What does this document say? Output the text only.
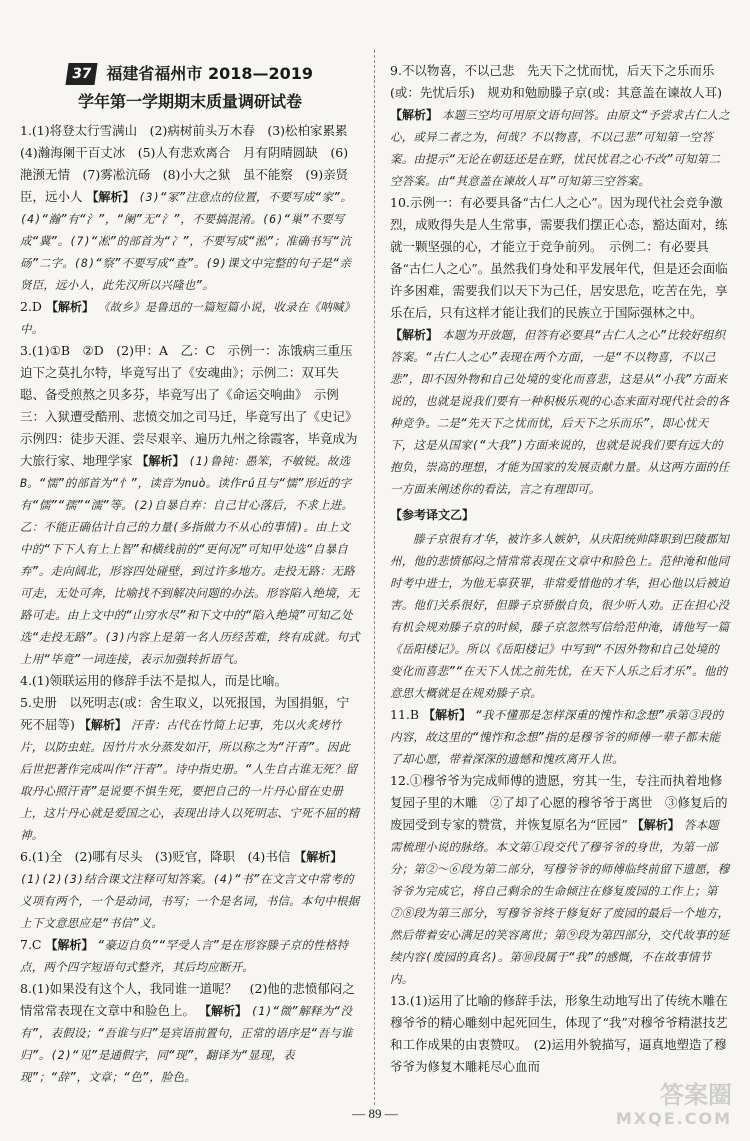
37 福建省福州市 2018—2019
学年第一学期期末质量调研试卷
1.(1)将登太行雪满山　(2)病树前头万木春　(3)松柏家累累　(4)瀚海阑干百丈冰　(5)人有悲欢离合　月有阴晴圆缺　(6)滟滪无情　(7)雾凇沆砀　(8)小大之狱　虽不能察　(9)亲贤臣，远小人 【解析】 (3)“冢”注意点的位置，不要写成“家”。(4)“瀚”有“氵”，“阑”无“氵”，不要搞混淆。(6)“巢”不要写成“冀”。(7)“凇”的部首为“冫”，不要写成“淞”；准确书写“沆砀”二字。(8)“察”不要写成“查”。(9)课文中完整的句子是“亲贤臣，远小人，此先汉所以兴隆也”。
2.D 【解析】 《故乡》是鲁迅的一篇短篇小说，收录在《呐喊》中。
3.(1)①B　②D　(2)甲：A　乙：C　示例一：冻饿病三重压迫下之莫扎尔特，毕竟写出了《安魂曲》；示例二：双耳失聪、备受煎熬之贝多芬，毕竟写出了《命运交响曲》　示例三：入狱遭受酷刑、悲愤交加之司马迁，毕竟写出了《史记》　示例四：徒步天涯、尝尽艰辛、遍历九州之徐霞客，毕竟成为大旅行家、地理学家 【解析】 (1)鲁钝：愚笨，不敏锐。故选B。“懦”的部首为“忄”，读音为nuò。读作rú且与“懦”形近的字有“儒”“孺”“濡”等。(2)自暴自弃：自己甘心落后，不求上进。乙：不能正确估计自己的力量(多指做力不从心的事情)。由上文中的“下下人有上上智”和横线前的“更何况”可知甲处选“自暴自弃”。走向阔北，形容四处碰壁，到过许多地方。走投无路：无路可走，无处可奔，比喻找不到解决问题的办法。形容陷入绝境，无路可走。由上文中的“山穷水尽”和下文中的“陷入绝境”可知乙处选“走投无路”。(3)内容上是第一名人历经苦难，终有成就。句式上用“毕竟”一词连接，表示加强转折语气。
4.(1)领联运用的修辞手法不是拟人，而是比喻。
5.史册　以死明志(或：舍生取义，以死报国，为国捐躯，宁死不屈等) 【解析】 汗青：古代在竹简上记事，先以火炙烤竹片，以防虫蛀。因竹片水分蒸发如汗，所以称之为“汗青”。因此后世把著作完成叫作“汗青”。诗中指史册。“人生自古谁无死？留取丹心照汗青”是说要不惧生死，要把自己的一片丹心留在史册上，这片丹心就是爱国之心，表现出诗人以死明志、宁死不屈的精神。
6.(1)全　(2)哪有尽头　(3)贬官，降职　(4)书信 【解析】 (1)(2)(3)结合课文注释可知答案。(4)“书”在文言文中常考的义项有两个，一个是动词，书写；一个是名词，书信。本句中根据上下文意思应是“书信”义。
7.C 【解析】 “豪迈自负”“罕受人言”是在形容滕子京的性格特点，两个四字短语句式整齐，其后均应断开。
8.(1)如果没有这个人，我同谁一道呢？　(2)他的悲愤郁闷之情常常表现在文章中和脸色上。 【解析】 (1)“微”解释为“没有”，表假设；“吾谁与归”是宾语前置句，正常的语序是“吾与谁归”。(2)“见”是通假字，同“现”，翻译为“显现，表现”；“辞”，文章；“色”，脸色。
9.不以物喜，不以己悲　先天下之忧而忧，后天下之乐而乐(或：先忧后乐)　规劝和勉励滕子京(或：其意盖在谏故人耳) 【解析】 本题三空均可用原文语句回答。由原文“予尝求古仁人之心，或异二者之为，何哉？不以物喜，不以己悲”可知第一空答案。由提示“无论在朝廷还是在野，忧民忧君之心不改”可知第二空答案。由“其意盖在谏故人耳”可知第三空答案。
10.示例一：有必要具备“古仁人之心”。因为现代社会竞争激烈，成败得失是人生常事，需要我们摆正心态，豁达面对，练就一颗坚强的心，才能立于竞争前列。　示例二：有必要具备“古仁人之心”。虽然我们身处和平发展年代，但是还会面临许多困难，需要我们以天下为己任，居安思危，吃苦在先，享乐在后，只有这样才能让我们的民族立于国际强林之中。 【解析】 本题为开放题，但答有必要具“古仁人之心”比较好组织答案。“古仁人之心”表现在两个方面，一是“不以物喜，不以己悲”，即不因外物和自己处境的变化而喜悲，这是从“小我”方面来说的，也就是说我们要有一种积极乐观的心态来面对现代社会的各种竞争。二是“先天下之忧而忧，后天下之乐而乐”，即心忧天下，这是从国家(“大我”)方面来说的，也就是说我们要有远大的抱负，崇高的理想，才能为国家的发展贡献力量。从这两方面的任一方面来阐述你的看法，言之有理即可。
【参考译文乙】
滕子京很有才华，被许多人嫉妒，从庆阳统帅降职到巴陵郡知州，他的悲愤郁闷之情常常表现在文章中和脸色上。范仲淹和他同时考中进士，为他无辜获罪，非常爱惜他的才华，担心他以后被迫害。他们关系很好，但滕子京骄傲自负，很少听人劝。正在担心没有机会规劝滕子京的时候，滕子京忽然写信给范仲淹，请他写一篇《岳阳楼记》。所以《岳阳楼记》中写到“不因外物和自己处境的变化而喜悲”“在天下人忧之前先忧，在天下人乐之后才乐”。他的意思大概就是在规劝滕子京。
11.B 【解析】 “我不懂那是怎样深重的愧怍和念想”承第③段的内容，故这里的“愧怍和念想”指的是穆爷爷的师傅一辈子都未能了却心愿，带着深深的遗憾和愧疚离开人世。
12.①穆爷爷为完成师傅的遗愿，穷其一生，专注而执着地修复园子里的木雕　②了却了心愿的穆爷爷于离世　③修复后的废园受到专家的赞赏，并恢复原名为“匠园” 【解析】 答本题需梳理小说的脉络。本文第①段交代了穆爷爷的身世，为第一部分；第②～⑥段为第二部分，写穆爷爷的师傅临终前留下遗愿，穆爷爷为完成它，将自己剩余的生命倾注在修复废园的工作上；第⑦⑧段为第三部分，写穆爷爷终于修复好了废园的最后一个地方，然后带着安心满足的笑容离世；第⑨段为第四部分，交代故事的延续内容(废园的真名)。第⑩段属于“我”的感慨，不在故事情节内。
13.(1)运用了比喻的修辞手法，形象生动地写出了传统木雕在穆爷爷的精心雕刻中起死回生，体现了“我”对穆爷爷精湛技艺和工作成果的由衷赞叹。　(2)运用外貌描写，逼真地塑造了穆爷爷为修复木雕耗尽心血而
— 89 —
答案圈
MXQE.COM
